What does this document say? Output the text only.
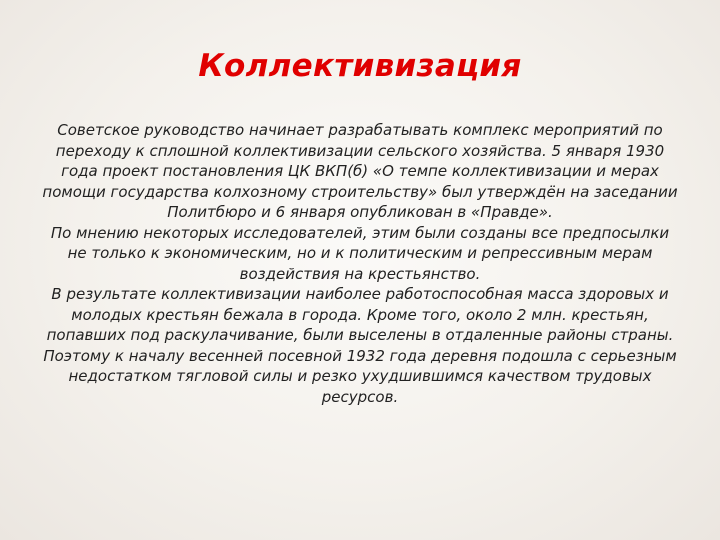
Коллективизация

Советское руководство начинает разрабатывать комплекс мероприятий по переходу к сплошной коллективизации сельского хозяйства. 5 января 1930 года проект постановления ЦК ВКП(б) «О темпе коллективизации и мерах помощи государства колхозному строительству» был утверждён на заседании Политбюро и 6 января опубликован в «Правде».

По мнению некоторых исследователей, этим были созданы все предпосылки не только к экономическим, но и к политическим и репрессивным мерам воздействия на крестьянство.

В результате коллективизации наиболее работоспособная масса здоровых и молодых крестьян бежала в города. Кроме того, около 2 млн. крестьян, попавших под раскулачивание, были выселены в отдаленные районы страны. Поэтому к началу весенней посевной 1932 года деревня подошла с серьезным недостатком тягловой силы и резко ухудшившимся качеством трудовых ресурсов.
